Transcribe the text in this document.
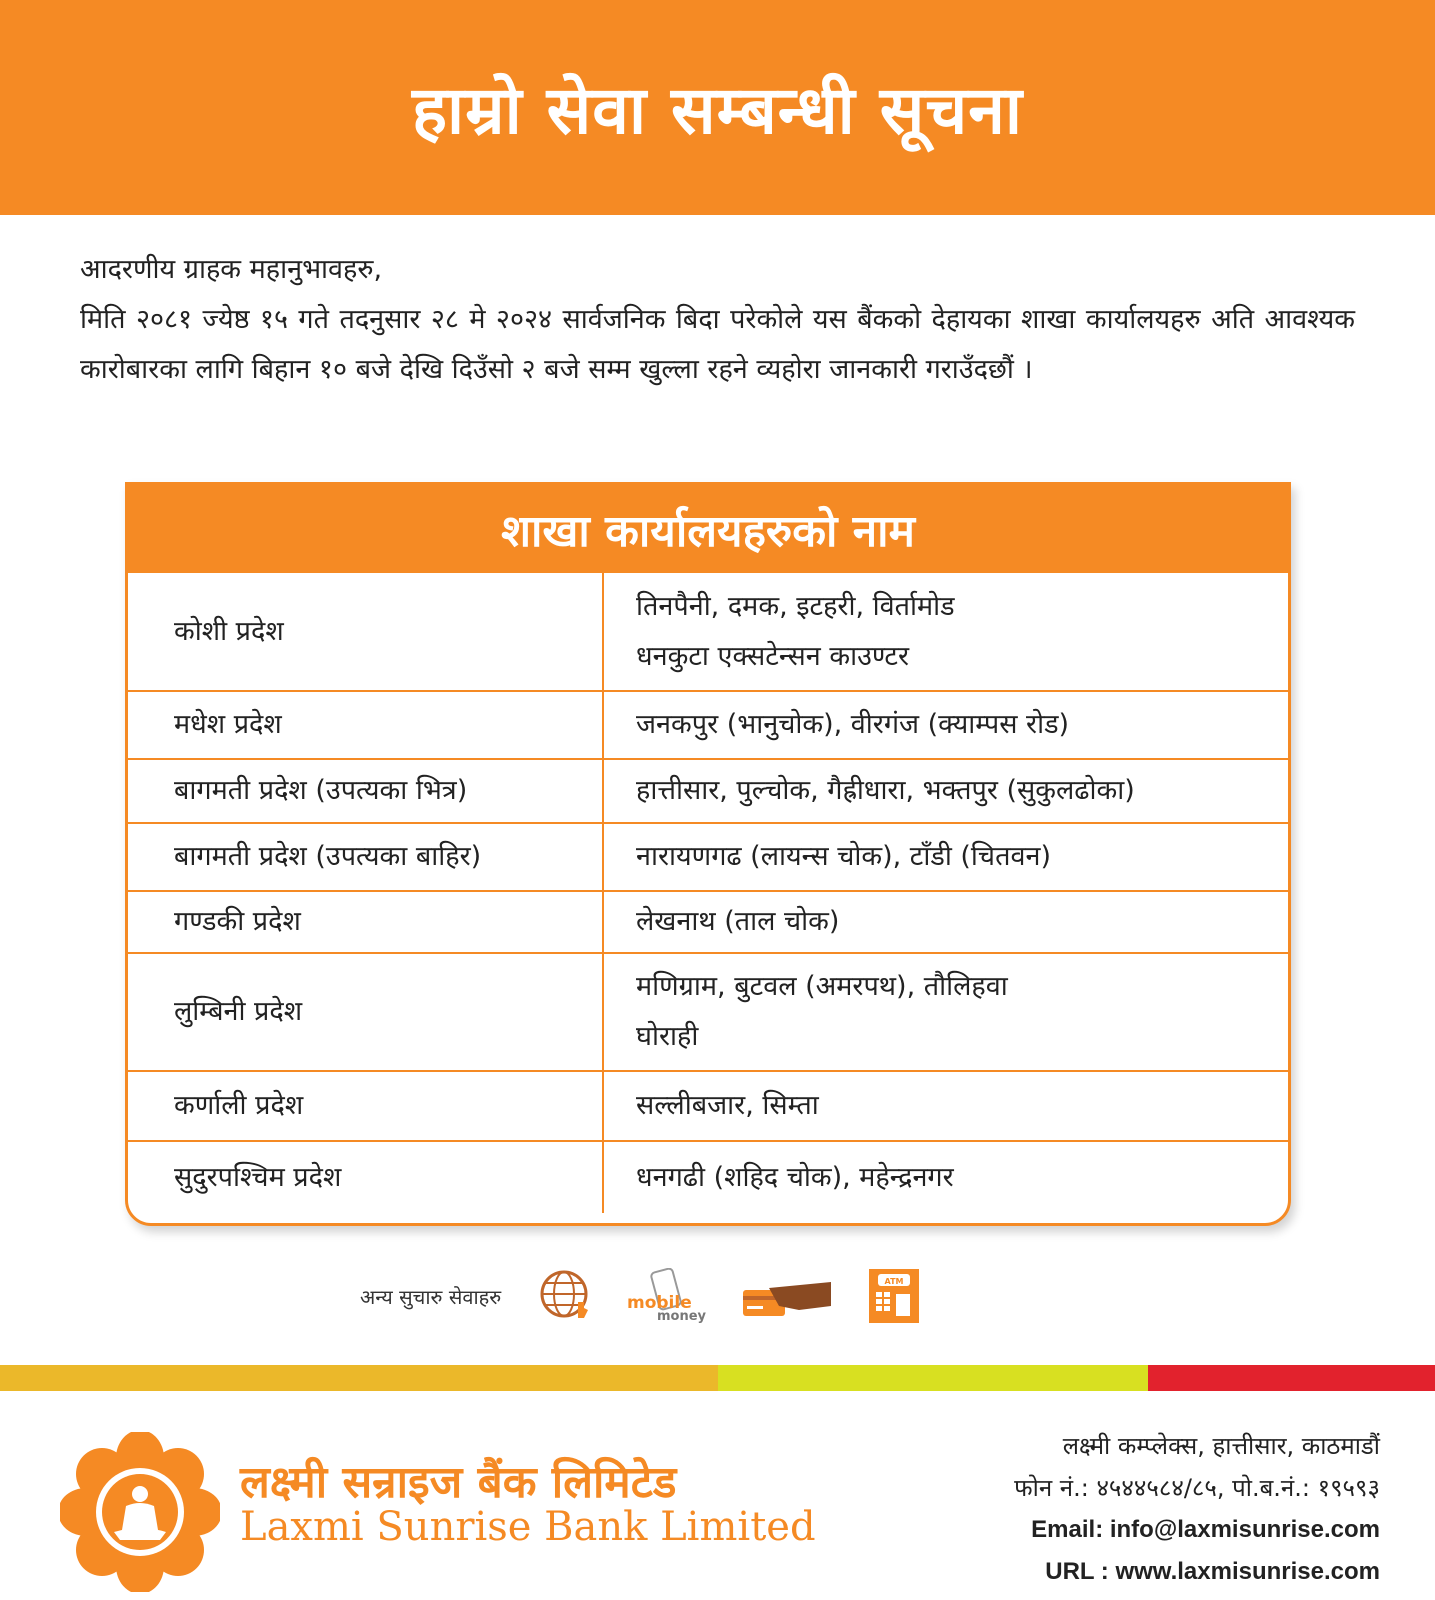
हाम्रो सेवा सम्बन्धी सूचना

आदरणीय ग्राहक महानुभावहरु,

मिति २०८१ ज्येष्ठ १५ गते तदनुसार २८ मे २०२४ सार्वजनिक बिदा परेकोले यस बैंकको देहायका शाखा कार्यालयहरु अति आवश्यक कारोबारका लागि बिहान १० बजे देखि दिउँसो २ बजे सम्म खुल्ला रहने व्यहोरा जानकारी गराउँदछौं ।

शाखा कार्यालयहरुको नाम
कोशी प्रदेश	तिनपैनी, दमक, इटहरी, विर्तामोड
धनकुटा एक्सटेन्सन काउण्टर

मधेश प्रदेश	जनकपुर (भानुचोक), वीरगंज (क्याम्पस रोड)
बागमती प्रदेश (उपत्यका भित्र)	हात्तीसार, पुल्चोक, गैह्रीधारा, भक्तपुर (सुकुलढोका)
बागमती प्रदेश (उपत्यका बाहिर)	नारायणगढ (लायन्स चोक), टाँडी (चितवन)
गण्डकी प्रदेश	लेखनाथ (ताल चोक)
लुम्बिनी प्रदेश	मणिग्राम, बुटवल (अमरपथ), तौलिहवा
घोराही

कर्णाली प्रदेश	सल्लीबजार, सिम्ता
सुदुरपश्चिम प्रदेश	धनगढी (शहिद चोक), महेन्द्रनगर
अन्य सुचारु सेवाहरु	mobile
money
ATM
लक्ष्मी सन्राइज बैंक लिमिटेड
Laxmi Sunrise Bank Limited
लक्ष्मी कम्प्लेक्स, हात्तीसार, काठमाडौं
फोन नं.: ४५४४५८४/८५, पो.ब.नं.: १९५९३
Email: info@laxmisunrise.com
URL : www.laxmisunrise.com
